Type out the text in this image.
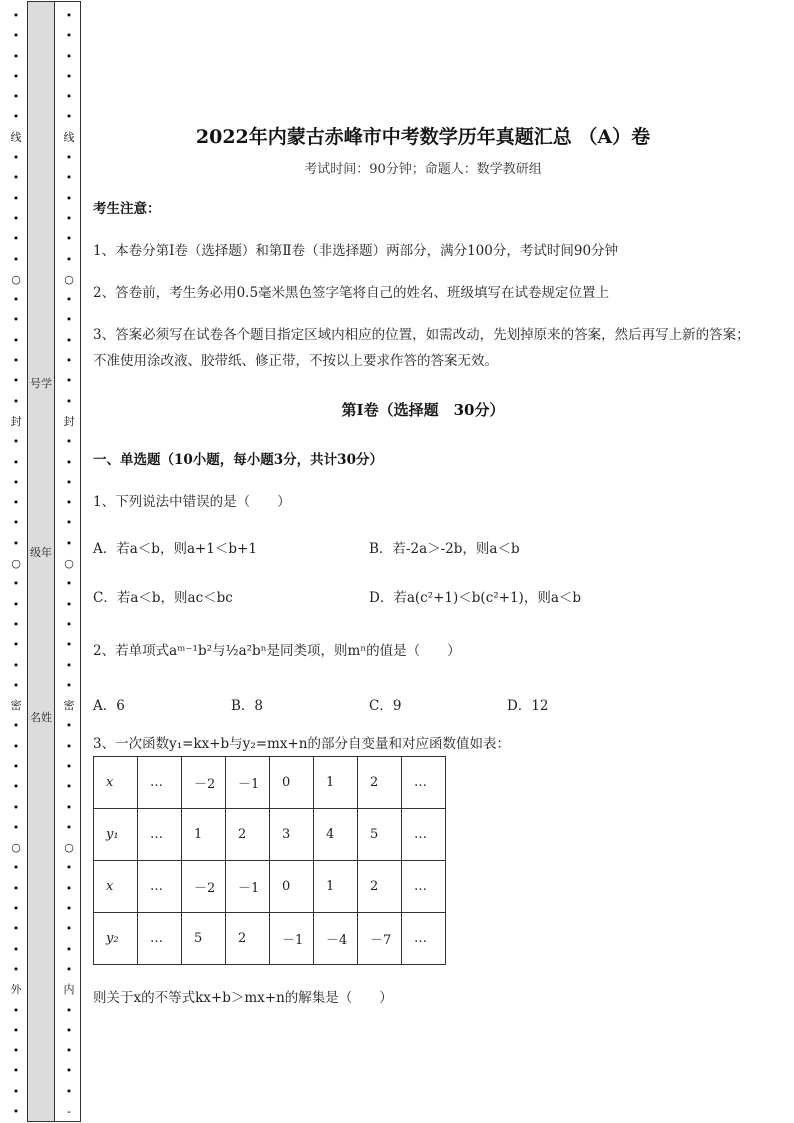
•
•
•
•
•
•
线
•
•
•
•
•
•
○
•
•
•
•
•
•
封
•
•
•
•
•
•
○
•
•
•
•
•
•
密
•
•
•
•
•
•
○
•
•
•
•
•
•
外
•
•
•
•
•
•
•
•
•
•
•
•
线
•
•
•
•
•
•
○
•
•
•
•
•
•
封
•
•
•
•
•
•
○
•
•
•
•
•
•
密
•
•
•
•
•
•
○
•
•
•
•
•
•
内
•
•
•
•
•
-
号学
级年
名姓
2022年内蒙古赤峰市中考数学历年真题汇总 （A）卷
考试时间：90分钟；命题人：数学教研组
考生注意：
1、本卷分第Ⅰ卷（选择题）和第Ⅱ卷（非选择题）两部分，满分100分，考试时间90分钟
2、答卷前，考生务必用0.5毫米黑色签字笔将自己的姓名、班级填写在试卷规定位置上
3、答案必须写在试卷各个题目指定区域内相应的位置，如需改动，先划掉原来的答案，然后再写上新的答案；不准使用涂改液、胶带纸、修正带，不按以上要求作答的答案无效。
第Ⅰ卷（选择题　30分）
一、单选题（10小题，每小题3分，共计30分）
1、下列说法中错误的是（　　）
A．若a＜b，则a+1＜b+1	B．若-2a＞-2b，则a＜b
C．若a＜b，则ac＜bc	D．若a(c²+1)＜b(c²+1)，则a＜b
2、若单项式aᵐ⁻¹b²与½a²bⁿ是同类项，则mⁿ的值是（　　）
A．6	B．8	C．9	D．12
3、一次函数y₁=kx+b与y₂=mx+n的部分自变量和对应函数值如表：
x	…	－2	－1	0	1	2	…
y₁	…	1	2	3	4	5	…
x	…	－2	－1	0	1	2	…
y₂	…	5	2	－1	－4	－7	…
则关于x的不等式kx+b＞mx+n的解集是（　　）
